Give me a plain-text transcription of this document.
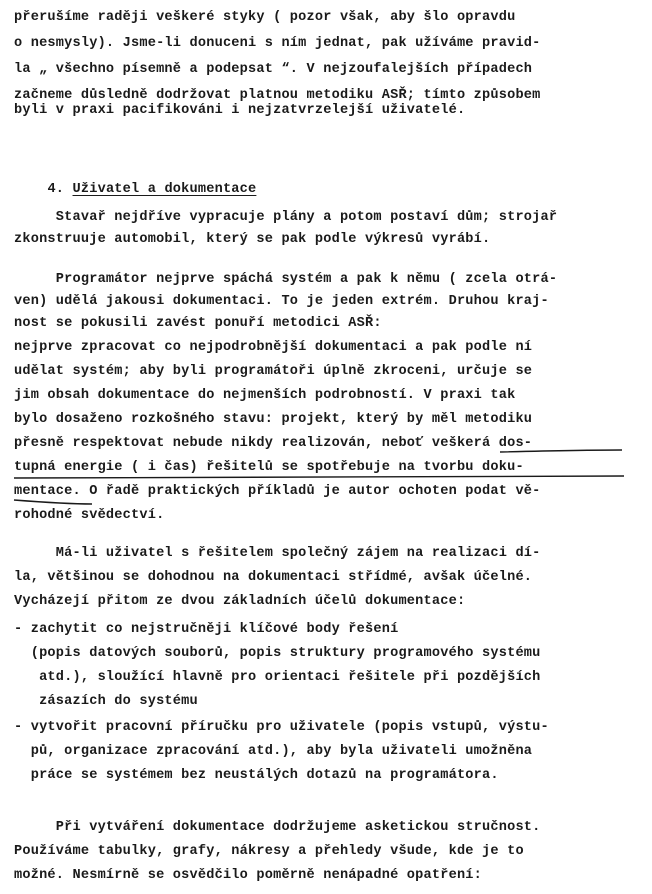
přerušíme raději veškeré styky ( pozor však, aby šlo opravdu
o nesmysly). Jsme-li donuceni s ním jednat, pak užíváme pravid-
la „ všechno písemně a podepsat “. V nejzoufalejších případech
začneme důsledně dodržovat platnou metodiku ASŘ; tímto způsobem
byli v praxi pacifikováni i nejzatvrzelejší uživatelé.

4. Uživatel a dokumentace

Stavař nejdříve vypracuje plány a potom postaví dům; strojař
zkonstruuje automobil, který se pak podle výkresů vyrábí.
Programátor nejprve spáchá systém a pak k němu ( zcela otrá-
ven) udělá jakousi dokumentaci. To je jeden extrém. Druhou kraj-
nost se pokusili zavést ponuří metodici ASŘ:
nejprve zpracovat co nejpodrobnější dokumentaci a pak podle ní
udělat systém; aby byli programátoři úplně zkroceni, určuje se
jim obsah dokumentace do nejmenších podrobností. V praxi tak
bylo dosaženo rozkošného stavu: projekt, který by měl metodiku
přesně respektovat nebude nikdy realizován, neboť veškerá dos-
tupná energie ( i čas) řešitelů se spotřebuje na tvorbu doku-
mentace. O řadě praktických příkladů je autor ochoten podat vě-
rohodné svědectví.
Má-li uživatel s řešitelem společný zájem na realizaci dí-
la, většinou se dohodnou na dokumentaci střídmé, avšak účelné.
Vycházejí přitom ze dvou základních účelů dokumentace:
- zachytit co nejstručněji klíčové body řešení
(popis datových souborů, popis struktury programového systému
atd.), sloužící hlavně pro orientaci řešitele při pozdějších
zásazích do systému
- vytvořit pracovní příručku pro uživatele (popis vstupů, výstu-
pů, organizace zpracování atd.), aby byla uživateli umožněna
práce se systémem bez neustálých dotazů na programátora.
Při vytváření dokumentace dodržujeme asketickou stručnost.
Používáme tabulky, grafy, nákresy a přehledy všude, kde je to
možné. Nesmírně se osvědčilo poměrně nenápadné opatření:
